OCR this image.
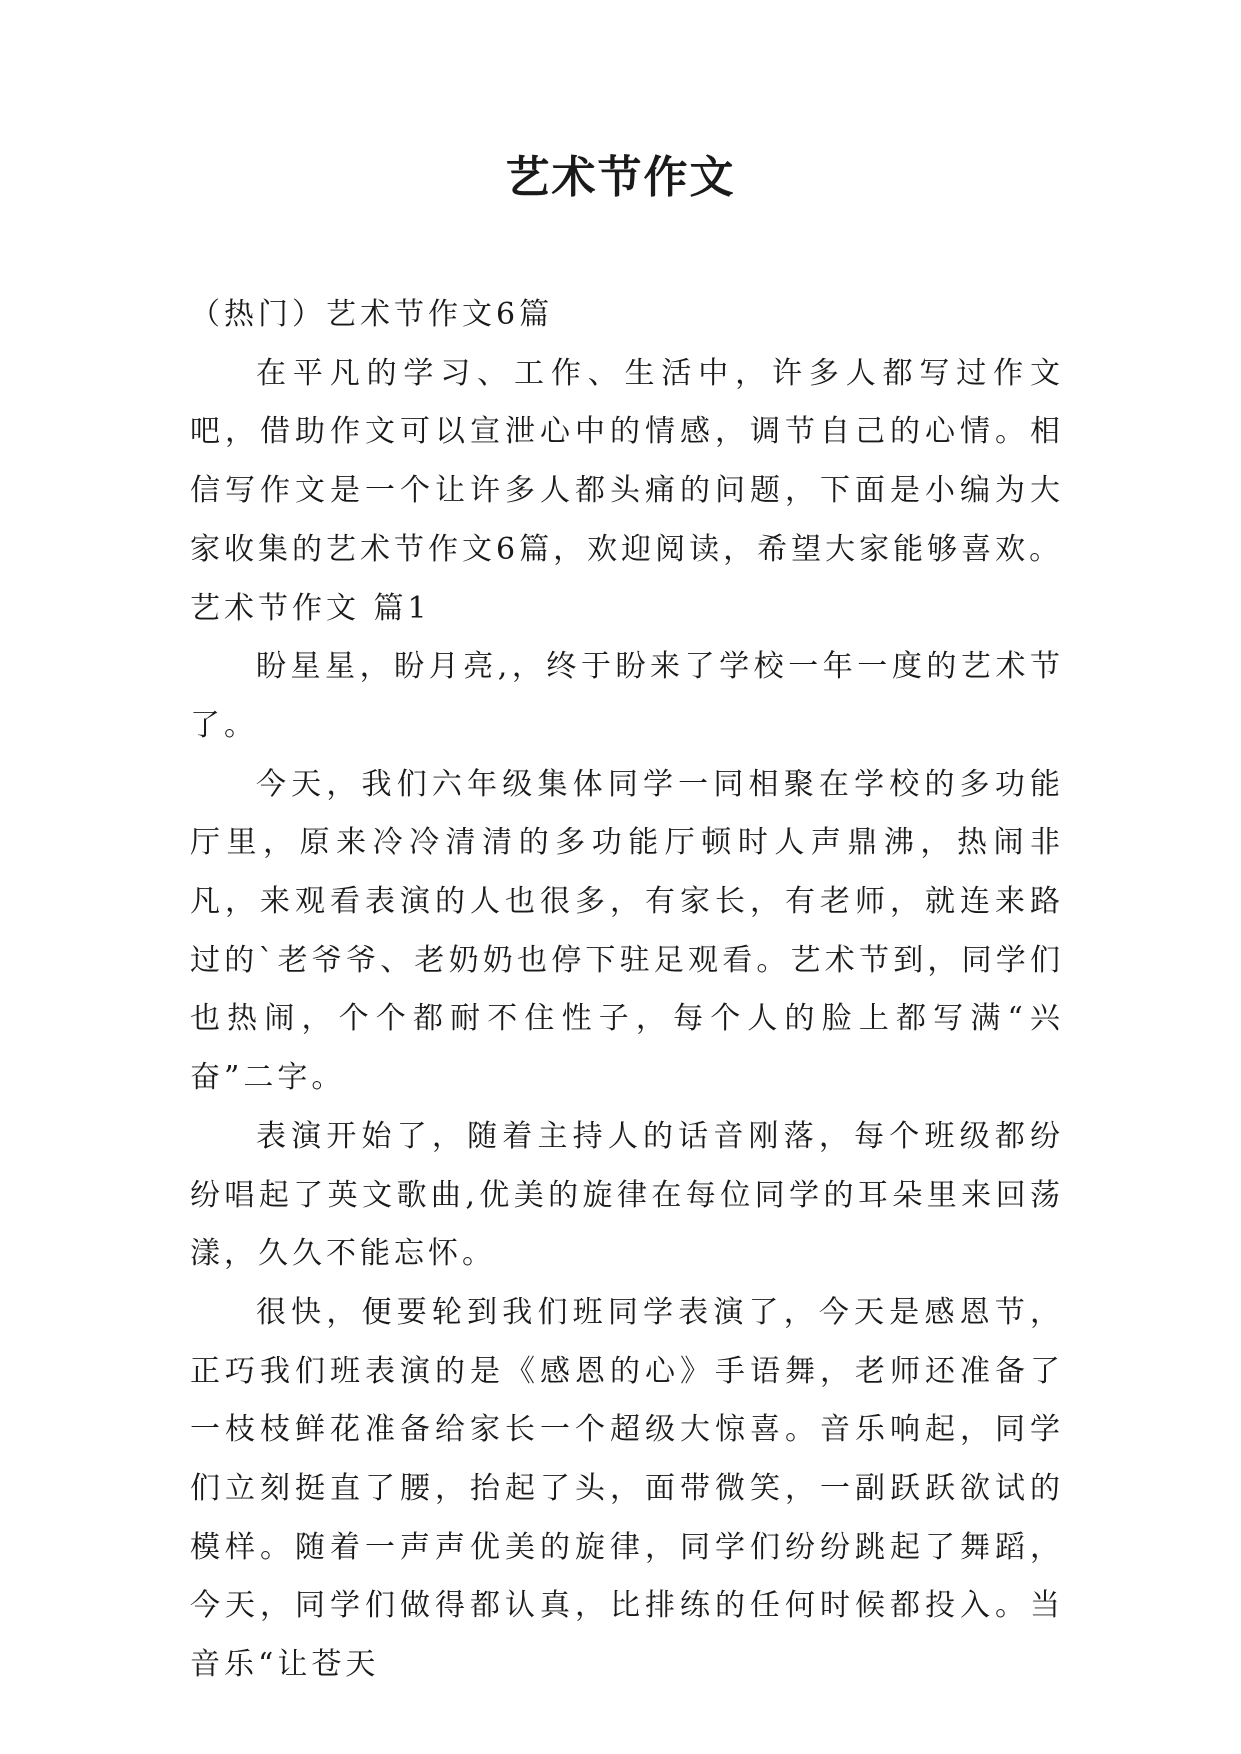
艺术节作文

（热门）艺术节作文6篇

在平凡的学习、工作、生活中，许多人都写过作文吧，借助作文可以宣泄心中的情感，调节自己的心情。相信写作文是一个让许多人都头痛的问题，下面是小编为大家收集的艺术节作文6篇，欢迎阅读，希望大家能够喜欢。

艺术节作文 篇1

盼星星，盼月亮,，终于盼来了学校一年一度的艺术节了。

今天，我们六年级集体同学一同相聚在学校的多功能厅里，原来冷冷清清的多功能厅顿时人声鼎沸，热闹非凡，来观看表演的人也很多，有家长，有老师，就连来路过的`老爷爷、老奶奶也停下驻足观看。艺术节到，同学们也热闹，个个都耐不住性子，每个人的脸上都写满“兴奋”二字。

表演开始了，随着主持人的话音刚落，每个班级都纷纷唱起了英文歌曲,优美的旋律在每位同学的耳朵里来回荡漾，久久不能忘怀。

很快，便要轮到我们班同学表演了，今天是感恩节，正巧我们班表演的是《感恩的心》手语舞，老师还准备了一枝枝鲜花准备给家长一个超级大惊喜。音乐响起，同学们立刻挺直了腰，抬起了头，面带微笑，一副跃跃欲试的模样。随着一声声优美的旋律，同学们纷纷跳起了舞蹈，今天，同学们做得都认真，比排练的任何时候都投入。当音乐“让苍天
